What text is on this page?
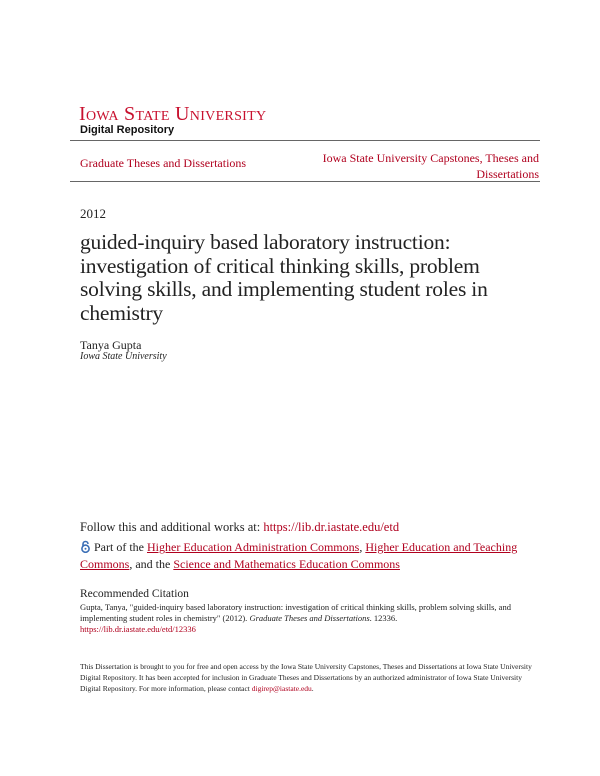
Iowa State University
Digital Repository
Graduate Theses and Dissertations	Iowa State University Capstones, Theses and Dissertations
2012
guided-inquiry based laboratory instruction: investigation of critical thinking skills, problem solving skills, and implementing student roles in chemistry
Tanya Gupta
Iowa State University
Follow this and additional works at: https://lib.dr.iastate.edu/etd
Part of the Higher Education Administration Commons, Higher Education and Teaching Commons, and the Science and Mathematics Education Commons
Recommended Citation
Gupta, Tanya, "guided-inquiry based laboratory instruction: investigation of critical thinking skills, problem solving skills, and implementing student roles in chemistry" (2012). Graduate Theses and Dissertations. 12336.
https://lib.dr.iastate.edu/etd/12336
This Dissertation is brought to you for free and open access by the Iowa State University Capstones, Theses and Dissertations at Iowa State University Digital Repository. It has been accepted for inclusion in Graduate Theses and Dissertations by an authorized administrator of Iowa State University Digital Repository. For more information, please contact digirep@iastate.edu.
